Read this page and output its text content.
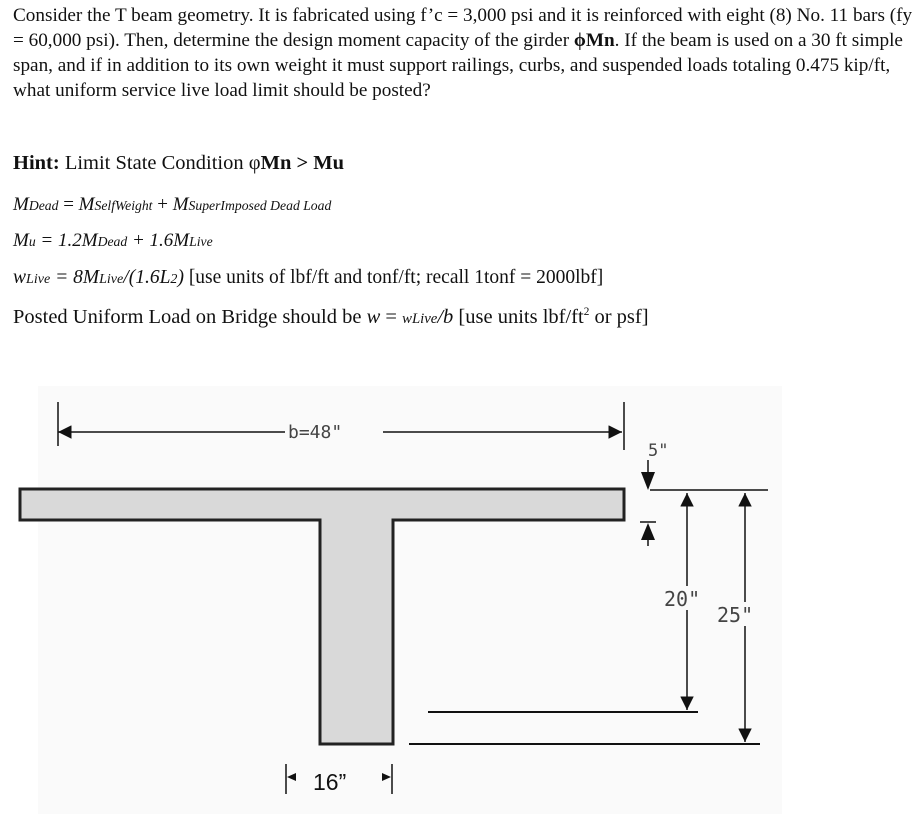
Consider the T beam geometry. It is fabricated using f’c = 3,000 psi and it is reinforced with eight (8) No. 11 bars (fy = 60,000 psi). Then, determine the design moment capacity of the girder ϕMn. If the beam is used on a 30 ft simple span, and if in addition to its own weight it must support railings, curbs, and suspended loads totaling 0.475 kip/ft, what uniform service live load limit should be posted?

Hint: Limit State Condition φMn > Mu

MDead = MSelfWeight + MSuperImposed Dead Load

Mu = 1.2MDead + 1.6MLive

wLive = 8MLive/(1.6L2) [use units of lbf/ft and tonf/ft; recall 1tonf = 2000lbf]

Posted Uniform Load on Bridge should be w = wLive/b [use units lbf/$ft^2$ or psf]

b=48"
5"
20"
25"
16”
